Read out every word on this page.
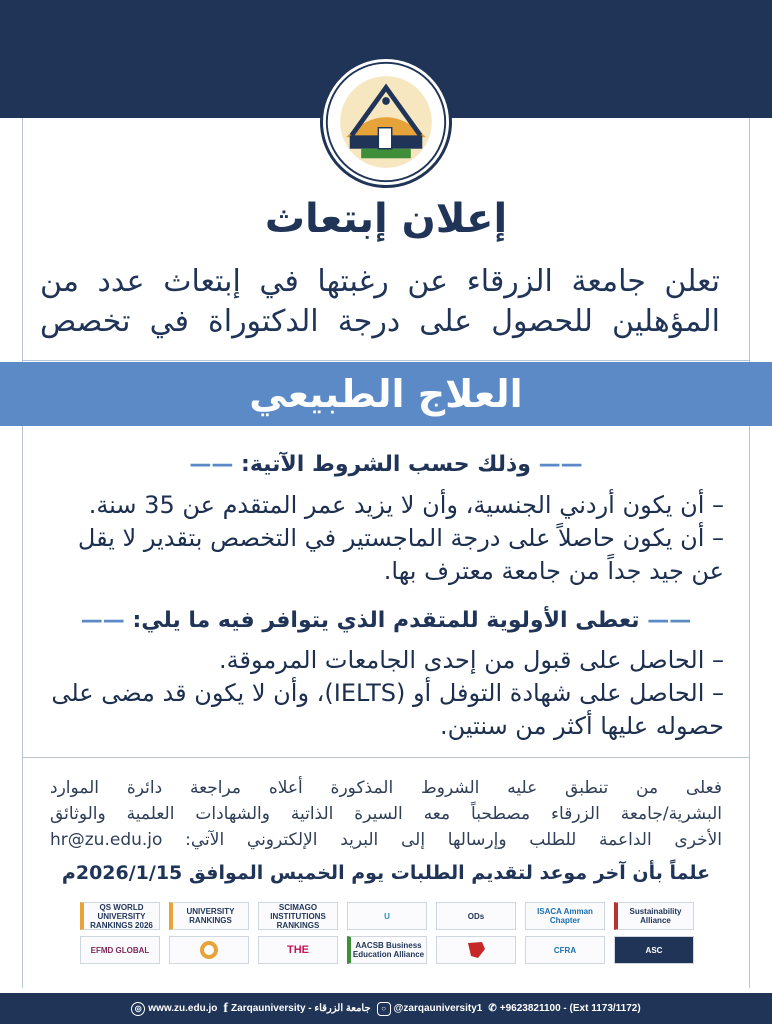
إعلان إبتعاث

تعلن جامعة الزرقاء عن رغبتها في إبتعاث عدد من

المؤهلين للحصول على درجة الدكتوراة في تخصص

العلاج الطبيعي
—— وذلك حسب الشروط الآتية: ——
– أن يكون أردني الجنسية، وأن لا يزيد عمر المتقدم عن 35 سنة.
– أن يكون حاصلاً على درجة الماجستير في التخصص بتقدير لا يقل عن جيد جداً من جامعة معترف بها.
—— تعطى الأولوية للمتقدم الذي يتوافر فيه ما يلي: ——
– الحاصل على قبول من إحدى الجامعات المرموقة.
– الحاصل على شهادة التوفل أو (IELTS)، وأن لا يكون قد مضى على حصوله عليها أكثر من سنتين.

فعلى من تنطبق عليه الشروط المذكورة أعلاه مراجعة دائرة الموارد

البشرية/جامعة الزرقاء مصطحباً معه السيرة الذاتية والشهادات العلمية والوثائق

الأخرى الداعمة للطلب وإرسالها إلى البريد الإلكتروني الآتي: hr@zu.edu.jo

علماً بأن آخر موعد لتقديم الطلبات يوم الخميس الموافق 2026/1/15م
QS WORLD UNIVERSITY RANKINGS 2026
UNIVERSITY RANKINGS
SCIMAGO INSTITUTIONS RANKINGS
U	ODs	ISACA Amman Chapter
Sustainability Alliance
EFMD GLOBAL	THE	AACSB Business Education Alliance	CFRA	ASC
◎ www.zu.edu.jo f Zarqauniversity - جامعة الزرقاء	○ @zarqauniversity1 ✆ +9623821100 - (Ext 1173/1172)
